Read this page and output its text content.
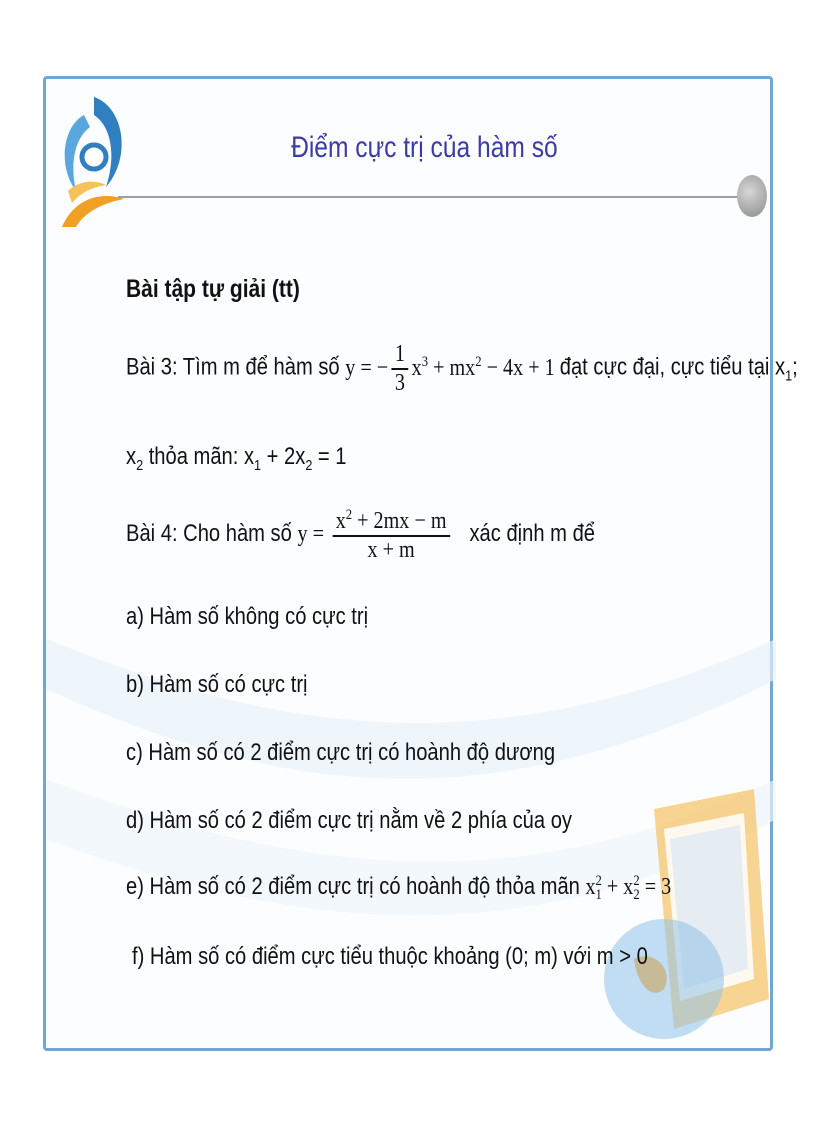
Điểm cực trị của hàm số
Bài tập tự giải (tt)
Bài 3: Tìm m để hàm số y = − $\frac{1}{3} x^3 + mx^2 - 4x + 1$ đạt cực đại, cực tiểu tại $x_1$;
$x_2$ thỏa mãn: $x_1 + 2x_2 = 1$
Bài 4: Cho hàm số $y = \frac{x^2 + 2mx - m}{x + m}$ xác định m để
a) Hàm số không có cực trị
b) Hàm số có cực trị
c) Hàm số có 2 điểm cực trị có hoành độ dương
d) Hàm số có 2 điểm cực trị nằm về 2 phía của oy
e) Hàm số có 2 điểm cực trị có hoành độ thỏa mãn x 2
1 + x 2
2 = 3
f) Hàm số có điểm cực tiểu thuộc khoảng (0; m) với m > 0
